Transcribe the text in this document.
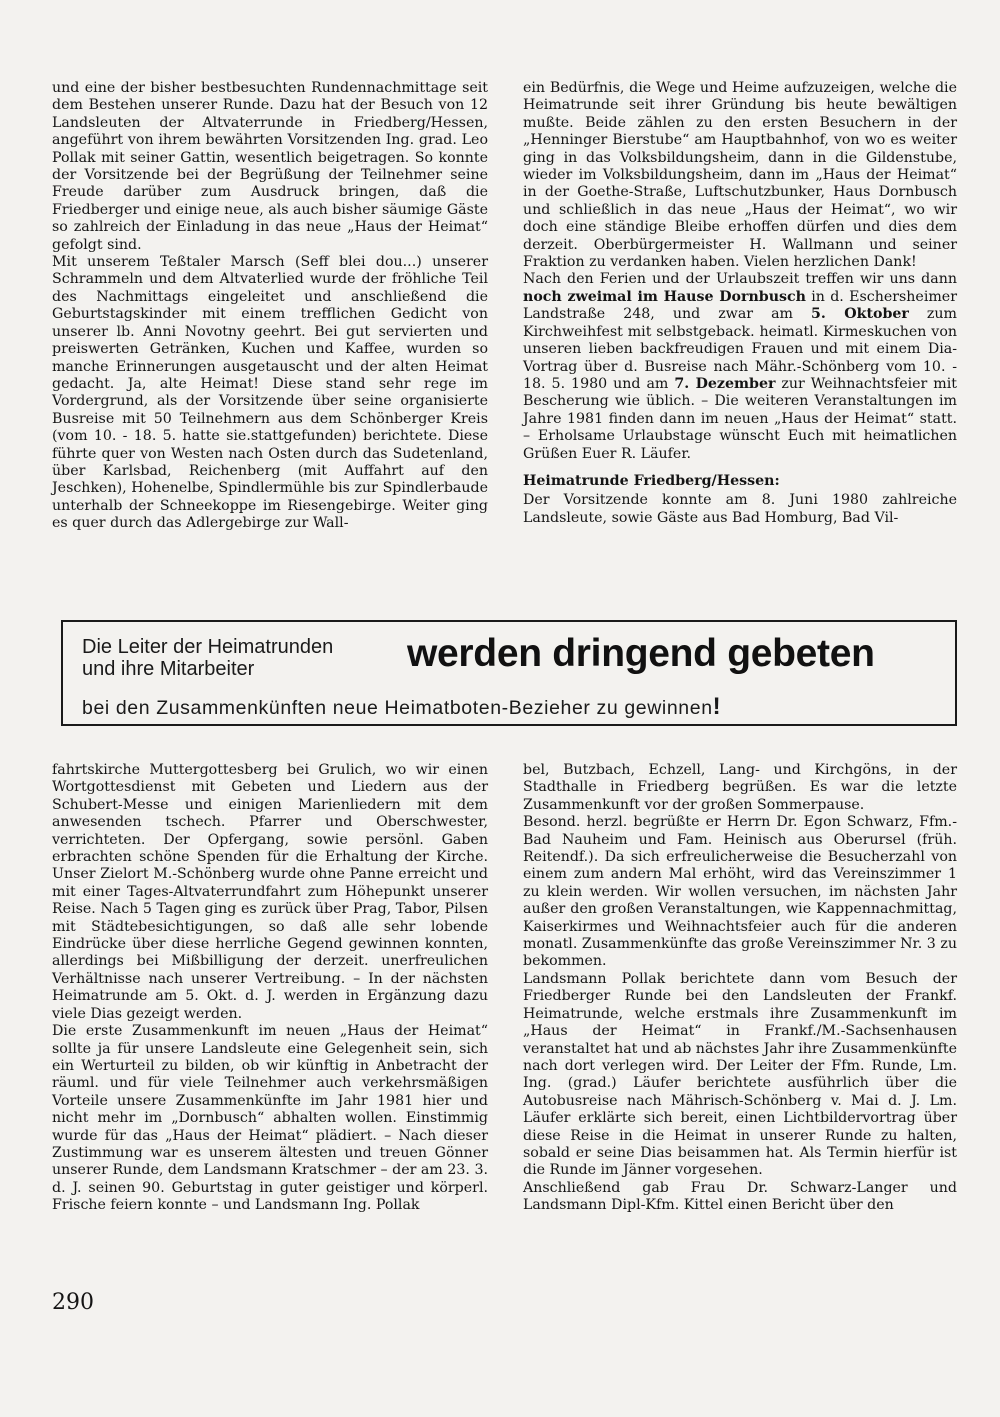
und eine der bisher bestbesuchten Rundennachmittage seit dem Bestehen unserer Runde. Dazu hat der Besuch von 12 Landsleuten der Altvaterrunde in Friedberg/Hessen, angeführt von ihrem bewährten Vorsitzenden Ing. grad. Leo Pollak mit seiner Gattin, wesentlich beigetragen. So konnte der Vorsitzende bei der Begrüßung der Teilnehmer seine Freude darüber zum Ausdruck bringen, daß die Friedberger und einige neue, als auch bisher säumige Gäste so zahlreich der Einladung in das neue „Haus der Heimat“ gefolgt sind.

Mit unserem Teßtaler Marsch (Seff blei dou...) unserer Schrammeln und dem Altvaterlied wurde der fröhliche Teil des Nachmittags eingeleitet und anschließend die Geburtstagskinder mit einem trefflichen Gedicht von unserer lb. Anni Novotny geehrt. Bei gut servierten und preiswerten Getränken, Kuchen und Kaffee, wurden so manche Erinnerungen ausgetauscht und der alten Heimat gedacht. Ja, alte Heimat! Diese stand sehr rege im Vordergrund, als der Vorsitzende über seine organisierte Busreise mit 50 Teilnehmern aus dem Schönberger Kreis (vom 10. - 18. 5. hatte sie.stattgefunden) berichtete. Diese führte quer von Westen nach Osten durch das Sudetenland, über Karlsbad, Reichenberg (mit Auffahrt auf den Jeschken), Hohenelbe, Spindlermühle bis zur Spindlerbaude unterhalb der Schneekoppe im Riesengebirge. Weiter ging es quer durch das Adlergebirge zur Wall-

ein Bedürfnis, die Wege und Heime aufzuzeigen, welche die Heimatrunde seit ihrer Gründung bis heute bewältigen mußte. Beide zählen zu den ersten Besuchern in der „Henninger Bierstube“ am Hauptbahnhof, von wo es weiter ging in das Volksbildungsheim, dann in die Gildenstube, wieder im Volksbildungsheim, dann im „Haus der Heimat“ in der Goethe-Straße, Luftschutzbunker, Haus Dornbusch und schließlich in das neue „Haus der Heimat“, wo wir doch eine ständige Bleibe erhoffen dürfen und dies dem derzeit. Oberbürgermeister H. Wallmann und seiner Fraktion zu verdanken haben. Vielen herzlichen Dank!

Nach den Ferien und der Urlaubszeit treffen wir uns dann noch zweimal im Hause Dornbusch in d. Eschersheimer Landstraße 248, und zwar am 5. Oktober zum Kirchweihfest mit selbstgeback. heimatl. Kirmeskuchen von unseren lieben backfreudigen Frauen und mit einem Dia-Vortrag über d. Busreise nach Mähr.-Schönberg vom 10. - 18. 5. 1980 und am 7. Dezember zur Weihnachtsfeier mit Bescherung wie üblich. – Die weiteren Veranstaltungen im Jahre 1981 finden dann im neuen „Haus der Heimat“ statt. – Erholsame Urlaubstage wünscht Euch mit heimatlichen Grüßen Euer R. Läufer.

Heimatrunde Friedberg/Hessen:

Der Vorsitzende konnte am 8. Juni 1980 zahlreiche Landsleute, sowie Gäste aus Bad Homburg, Bad Vil-

Die Leiter der Heimatrunden
und ihre Mitarbeiter	werden dringend gebeten
bei den Zusammenkünften neue Heimatboten-Bezieher zu gewinnen!

fahrtskirche Muttergottesberg bei Grulich, wo wir einen Wortgottesdienst mit Gebeten und Liedern aus der Schubert-Messe und einigen Marienliedern mit dem anwesenden tschech. Pfarrer und Oberschwester, verrichteten. Der Opfergang, sowie persönl. Gaben erbrachten schöne Spenden für die Erhaltung der Kirche. Unser Zielort M.-Schönberg wurde ohne Panne erreicht und mit einer Tages-Altvaterrundfahrt zum Höhepunkt unserer Reise. Nach 5 Tagen ging es zurück über Prag, Tabor, Pilsen mit Städtebesichtigungen, so daß alle sehr lobende Eindrücke über diese herrliche Gegend gewinnen konnten, allerdings bei Mißbilligung der derzeit. unerfreulichen Verhältnisse nach unserer Vertreibung. – In der nächsten Heimatrunde am 5. Okt. d. J. werden in Ergänzung dazu viele Dias gezeigt werden.

Die erste Zusammenkunft im neuen „Haus der Heimat“ sollte ja für unsere Landsleute eine Gelegenheit sein, sich ein Werturteil zu bilden, ob wir künftig in Anbetracht der räuml. und für viele Teilnehmer auch verkehrsmäßigen Vorteile unsere Zusammenkünfte im Jahr 1981 hier und nicht mehr im „Dornbusch“ abhalten wollen. Einstimmig wurde für das „Haus der Heimat“ plädiert. – Nach dieser Zustimmung war es unserem ältesten und treuen Gönner unserer Runde, dem Landsmann Kratschmer – der am 23. 3. d. J. seinen 90. Geburtstag in guter geistiger und körperl. Frische feiern konnte – und Landsmann Ing. Pollak

bel, Butzbach, Echzell, Lang- und Kirchgöns, in der Stadthalle in Friedberg begrüßen. Es war die letzte Zusammenkunft vor der großen Sommerpause.

Besond. herzl. begrüßte er Herrn Dr. Egon Schwarz, Ffm.-Bad Nauheim und Fam. Heinisch aus Oberursel (früh. Reitendf.). Da sich erfreulicherweise die Besucherzahl von einem zum andern Mal erhöht, wird das Vereinszimmer 1 zu klein werden. Wir wollen versuchen, im nächsten Jahr außer den großen Veranstaltungen, wie Kappennachmittag, Kaiserkirmes und Weihnachtsfeier auch für die anderen monatl. Zusammenkünfte das große Vereinszimmer Nr. 3 zu bekommen.

Landsmann Pollak berichtete dann vom Besuch der Friedberger Runde bei den Landsleuten der Frankf. Heimatrunde, welche erstmals ihre Zusammenkunft im „Haus der Heimat“ in Frankf./M.-Sachsenhausen veranstaltet hat und ab nächstes Jahr ihre Zusammenkünfte nach dort verlegen wird. Der Leiter der Ffm. Runde, Lm. Ing. (grad.) Läufer berichtete ausführlich über die Autobusreise nach Mährisch-Schönberg v. Mai d. J. Lm. Läufer erklärte sich bereit, einen Lichtbildervortrag über diese Reise in die Heimat in unserer Runde zu halten, sobald er seine Dias beisammen hat. Als Termin hierfür ist die Runde im Jänner vorgesehen.

Anschließend gab Frau Dr. Schwarz-Langer und Landsmann Dipl-Kfm. Kittel einen Bericht über den

290
